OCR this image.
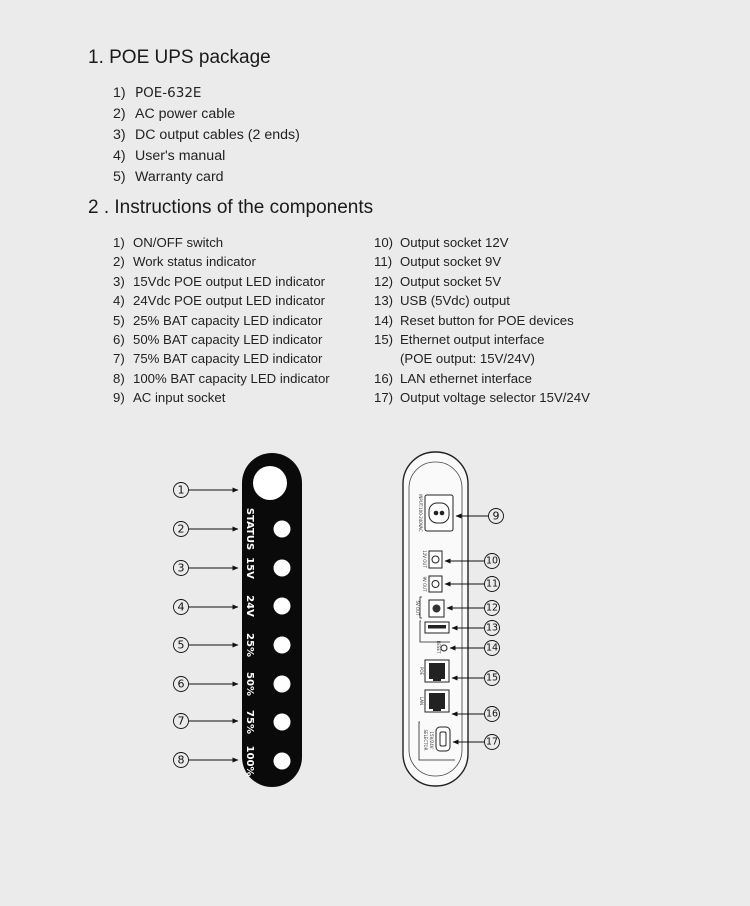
1. POE UPS package
1) POE-632E
2) AC power cable
3) DC output cables (2 ends)
4) User's manual
5) Warranty card
2 . Instructions of the components
1) ON/OFF switch
2) Work status indicator
3) 15Vdc POE output LED indicator
4) 24Vdc POE output LED indicator
5) 25% BAT capacity LED indicator
6) 50% BAT capacity LED indicator
7) 75% BAT capacity LED indicator
8) 100% BAT capacity LED indicator
9) AC input socket
10) Output socket 12V
11) Output socket 9V
12) Output socket 5V
13) USB (5Vdc) output
14) Reset button for POE devices
15) Ethernet output interface
(POE output: 15V/24V)
16) LAN ethernet interface
17) Output voltage selector 15V/24V
STATUS
15V
24V
25%
50%
75%
100%
1
2
3
4
5
6
7
8
INPUT:100-240VAC
12V OUT
9V OUT
5V OUT
RESET
POE
LAN
SELECTOR 15V/24V
9
10
11
12
13
14
15
16
17
